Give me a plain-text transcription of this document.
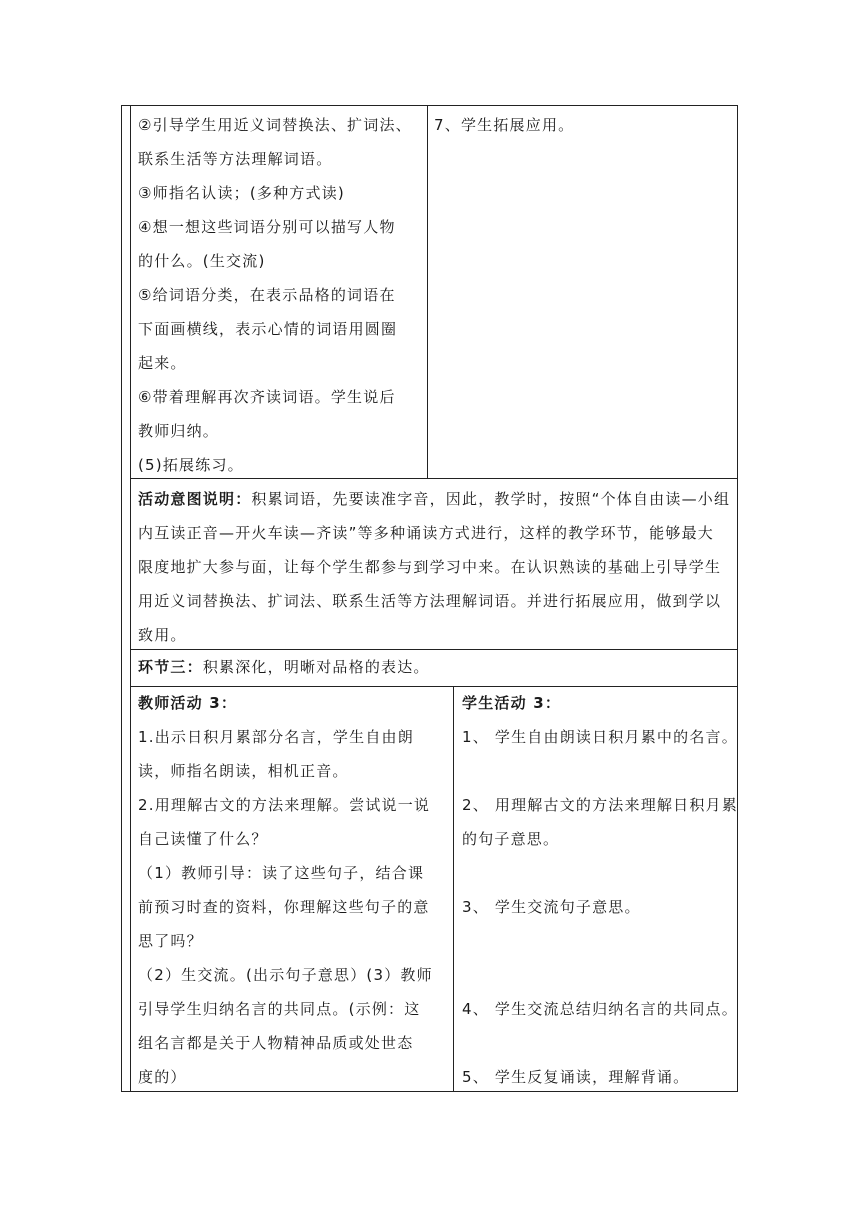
②引导学生用近义词替换法、扩词法、
联系生活等方法理解词语。
③师指名认读；(多种方式读)
④想一想这些词语分别可以描写人物
的什么。(生交流)
⑤给词语分类，在表示品格的词语在
下面画横线，表示心情的词语用圆圈
起来。
⑥带着理解再次齐读词语。学生说后
教师归纳。
(5)拓展练习。
7、学生拓展应用。
活动意图说明：积累词语，先要读准字音，因此，教学时，按照“个体自由读—小组
内互读正音—开火车读—齐读”等多种诵读方式进行，这样的教学环节，能够最大
限度地扩大参与面，让每个学生都参与到学习中来。在认识熟读的基础上引导学生
用近义词替换法、扩词法、联系生活等方法理解词语。并进行拓展应用，做到学以
致用。
环节三：积累深化，明晰对品格的表达。
教师活动 3：
1.出示日积月累部分名言，学生自由朗
读，师指名朗读，相机正音。
2.用理解古文的方法来理解。尝试说一说
自己读懂了什么？
（1）教师引导：读了这些句子，结合课
前预习时查的资料，你理解这些句子的意
思了吗？
（2）生交流。(出示句子意思）(3）教师
引导学生归纳名言的共同点。(示例：这
组名言都是关于人物精神品质或处世态
度的）
学生活动 3：
1、 学生自由朗读日积月累中的名言。
2、 用理解古文的方法来理解日积月累
的句子意思。
3、 学生交流句子意思。
4、 学生交流总结归纳名言的共同点。
5、 学生反复诵读，理解背诵。
